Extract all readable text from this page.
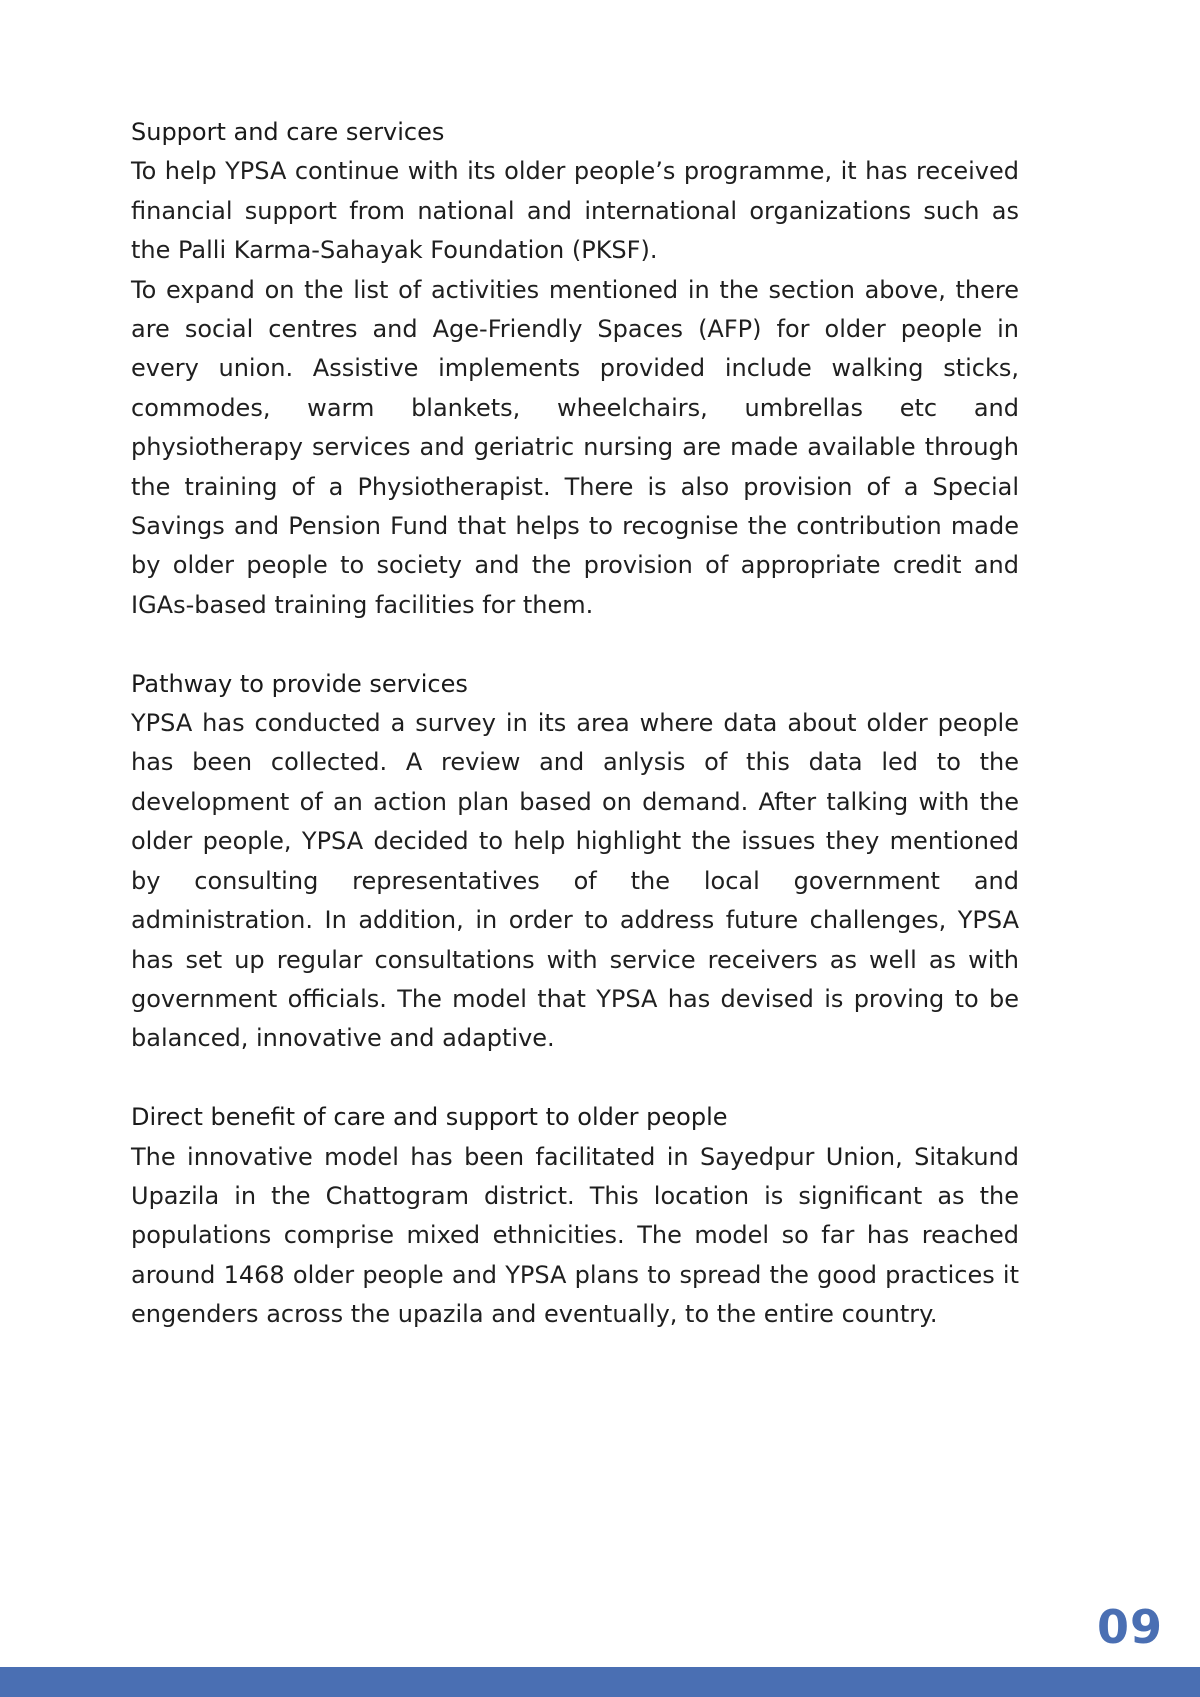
Support and care services

To help YPSA continue with its older people’s programme, it has received financial support from national and international organizations such as the Palli Karma-Sahayak Foundation (PKSF).

To expand on the list of activities mentioned in the section above, there are social centres and Age-Friendly Spaces (AFP) for older people in every union. Assistive implements provided include walking sticks, commodes, warm blankets, wheelchairs, umbrellas etc and physiotherapy services and geriatric nursing are made available through the training of a Physiotherapist. There is also provision of a Special Savings and Pension Fund that helps to recognise the contribution made by older people to society and the provision of appropriate credit and IGAs-based training facilities for them.

Pathway to provide services

YPSA has conducted a survey in its area where data about older people has been collected. A review and anlysis of this data led to the development of an action plan based on demand. After talking with the older people, YPSA decided to help highlight the issues they mentioned by consulting representatives of the local government and administration. In addition, in order to address future challenges, YPSA has set up regular consultations with service receivers as well as with government officials. The model that YPSA has devised is proving to be balanced, innovative and adaptive.

Direct benefit of care and support to older people

The innovative model has been facilitated in Sayedpur Union, Sitakund Upazila in the Chattogram district. This location is significant as the populations comprise mixed ethnicities. The model so far has reached around 1468 older people and YPSA plans to spread the good practices it engenders across the upazila and eventually, to the entire country.

09
